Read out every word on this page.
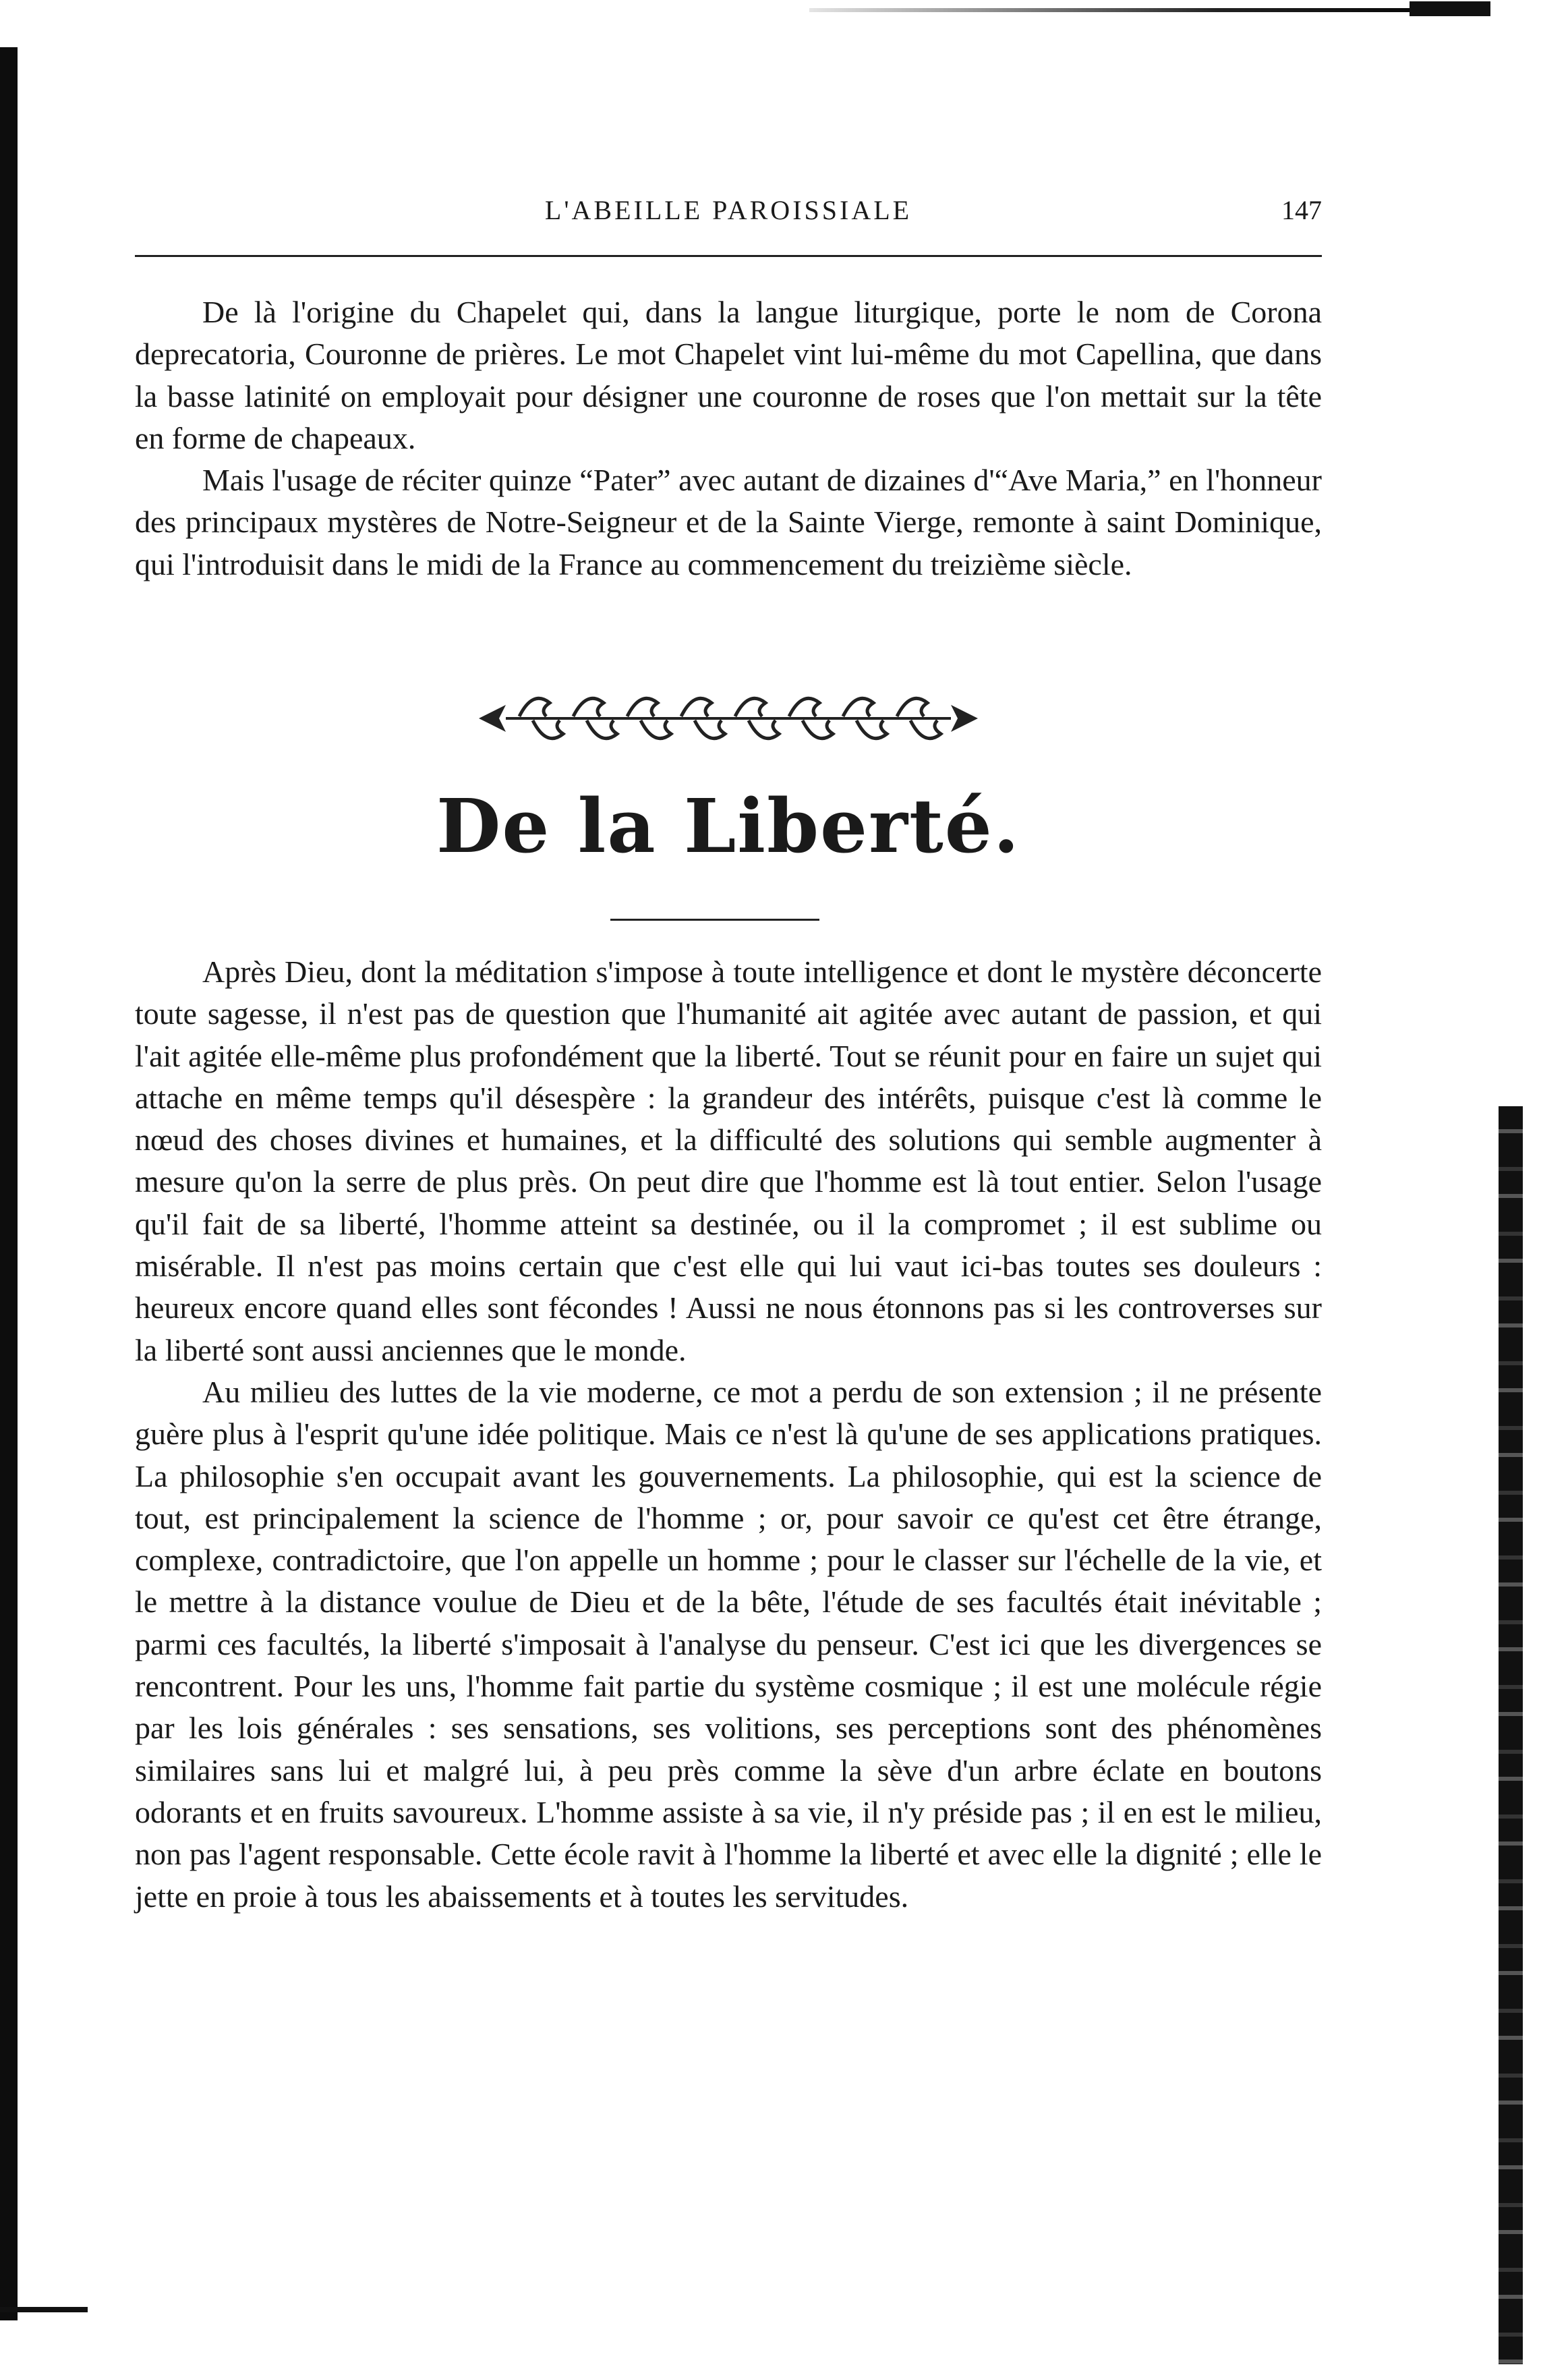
L'ABEILLE PAROISSIALE	147

De là l'origine du Chapelet qui, dans la langue liturgique, porte le nom de Corona deprecatoria, Couronne de prières. Le mot Chapelet vint lui-même du mot Capellina, que dans la basse latinité on employait pour désigner une couronne de roses que l'on mettait sur la tête en forme de chapeaux.

Mais l'usage de réciter quinze “Pater” avec autant de dizaines d'“Ave Maria,” en l'honneur des principaux mystères de Notre-Seigneur et de la Sainte Vierge, remonte à saint Dominique, qui l'introduisit dans le midi de la France au commencement du treizième siècle.

De la Liberté.

Après Dieu, dont la méditation s'impose à toute intelligence et dont le mystère déconcerte toute sagesse, il n'est pas de question que l'humanité ait agitée avec autant de passion, et qui l'ait agitée elle-même plus profondément que la liberté. Tout se réunit pour en faire un sujet qui attache en même temps qu'il désespère : la grandeur des intérêts, puisque c'est là comme le nœud des choses divines et humaines, et la difficulté des solutions qui semble augmenter à mesure qu'on la serre de plus près. On peut dire que l'homme est là tout entier. Selon l'usage qu'il fait de sa liberté, l'homme atteint sa destinée, ou il la compromet ; il est sublime ou misérable. Il n'est pas moins certain que c'est elle qui lui vaut ici-bas toutes ses douleurs : heureux encore quand elles sont fécondes ! Aussi ne nous étonnons pas si les controverses sur la liberté sont aussi anciennes que le monde.

Au milieu des luttes de la vie moderne, ce mot a perdu de son extension ; il ne présente guère plus à l'esprit qu'une idée politique. Mais ce n'est là qu'une de ses applications pratiques. La philosophie s'en occupait avant les gouvernements. La philosophie, qui est la science de tout, est principalement la science de l'homme ; or, pour savoir ce qu'est cet être étrange, complexe, contradictoire, que l'on appelle un homme ; pour le classer sur l'échelle de la vie, et le mettre à la distance voulue de Dieu et de la bête, l'étude de ses facultés était inévitable ; parmi ces facultés, la liberté s'imposait à l'analyse du penseur. C'est ici que les divergences se rencontrent. Pour les uns, l'homme fait partie du système cosmique ; il est une molécule régie par les lois générales : ses sensations, ses volitions, ses perceptions sont des phénomènes similaires sans lui et malgré lui, à peu près comme la sève d'un arbre éclate en boutons odorants et en fruits savoureux. L'homme assiste à sa vie, il n'y préside pas ; il en est le milieu, non pas l'agent responsable. Cette école ravit à l'homme la liberté et avec elle la dignité ; elle le jette en proie à tous les abaissements et à toutes les servitudes.
